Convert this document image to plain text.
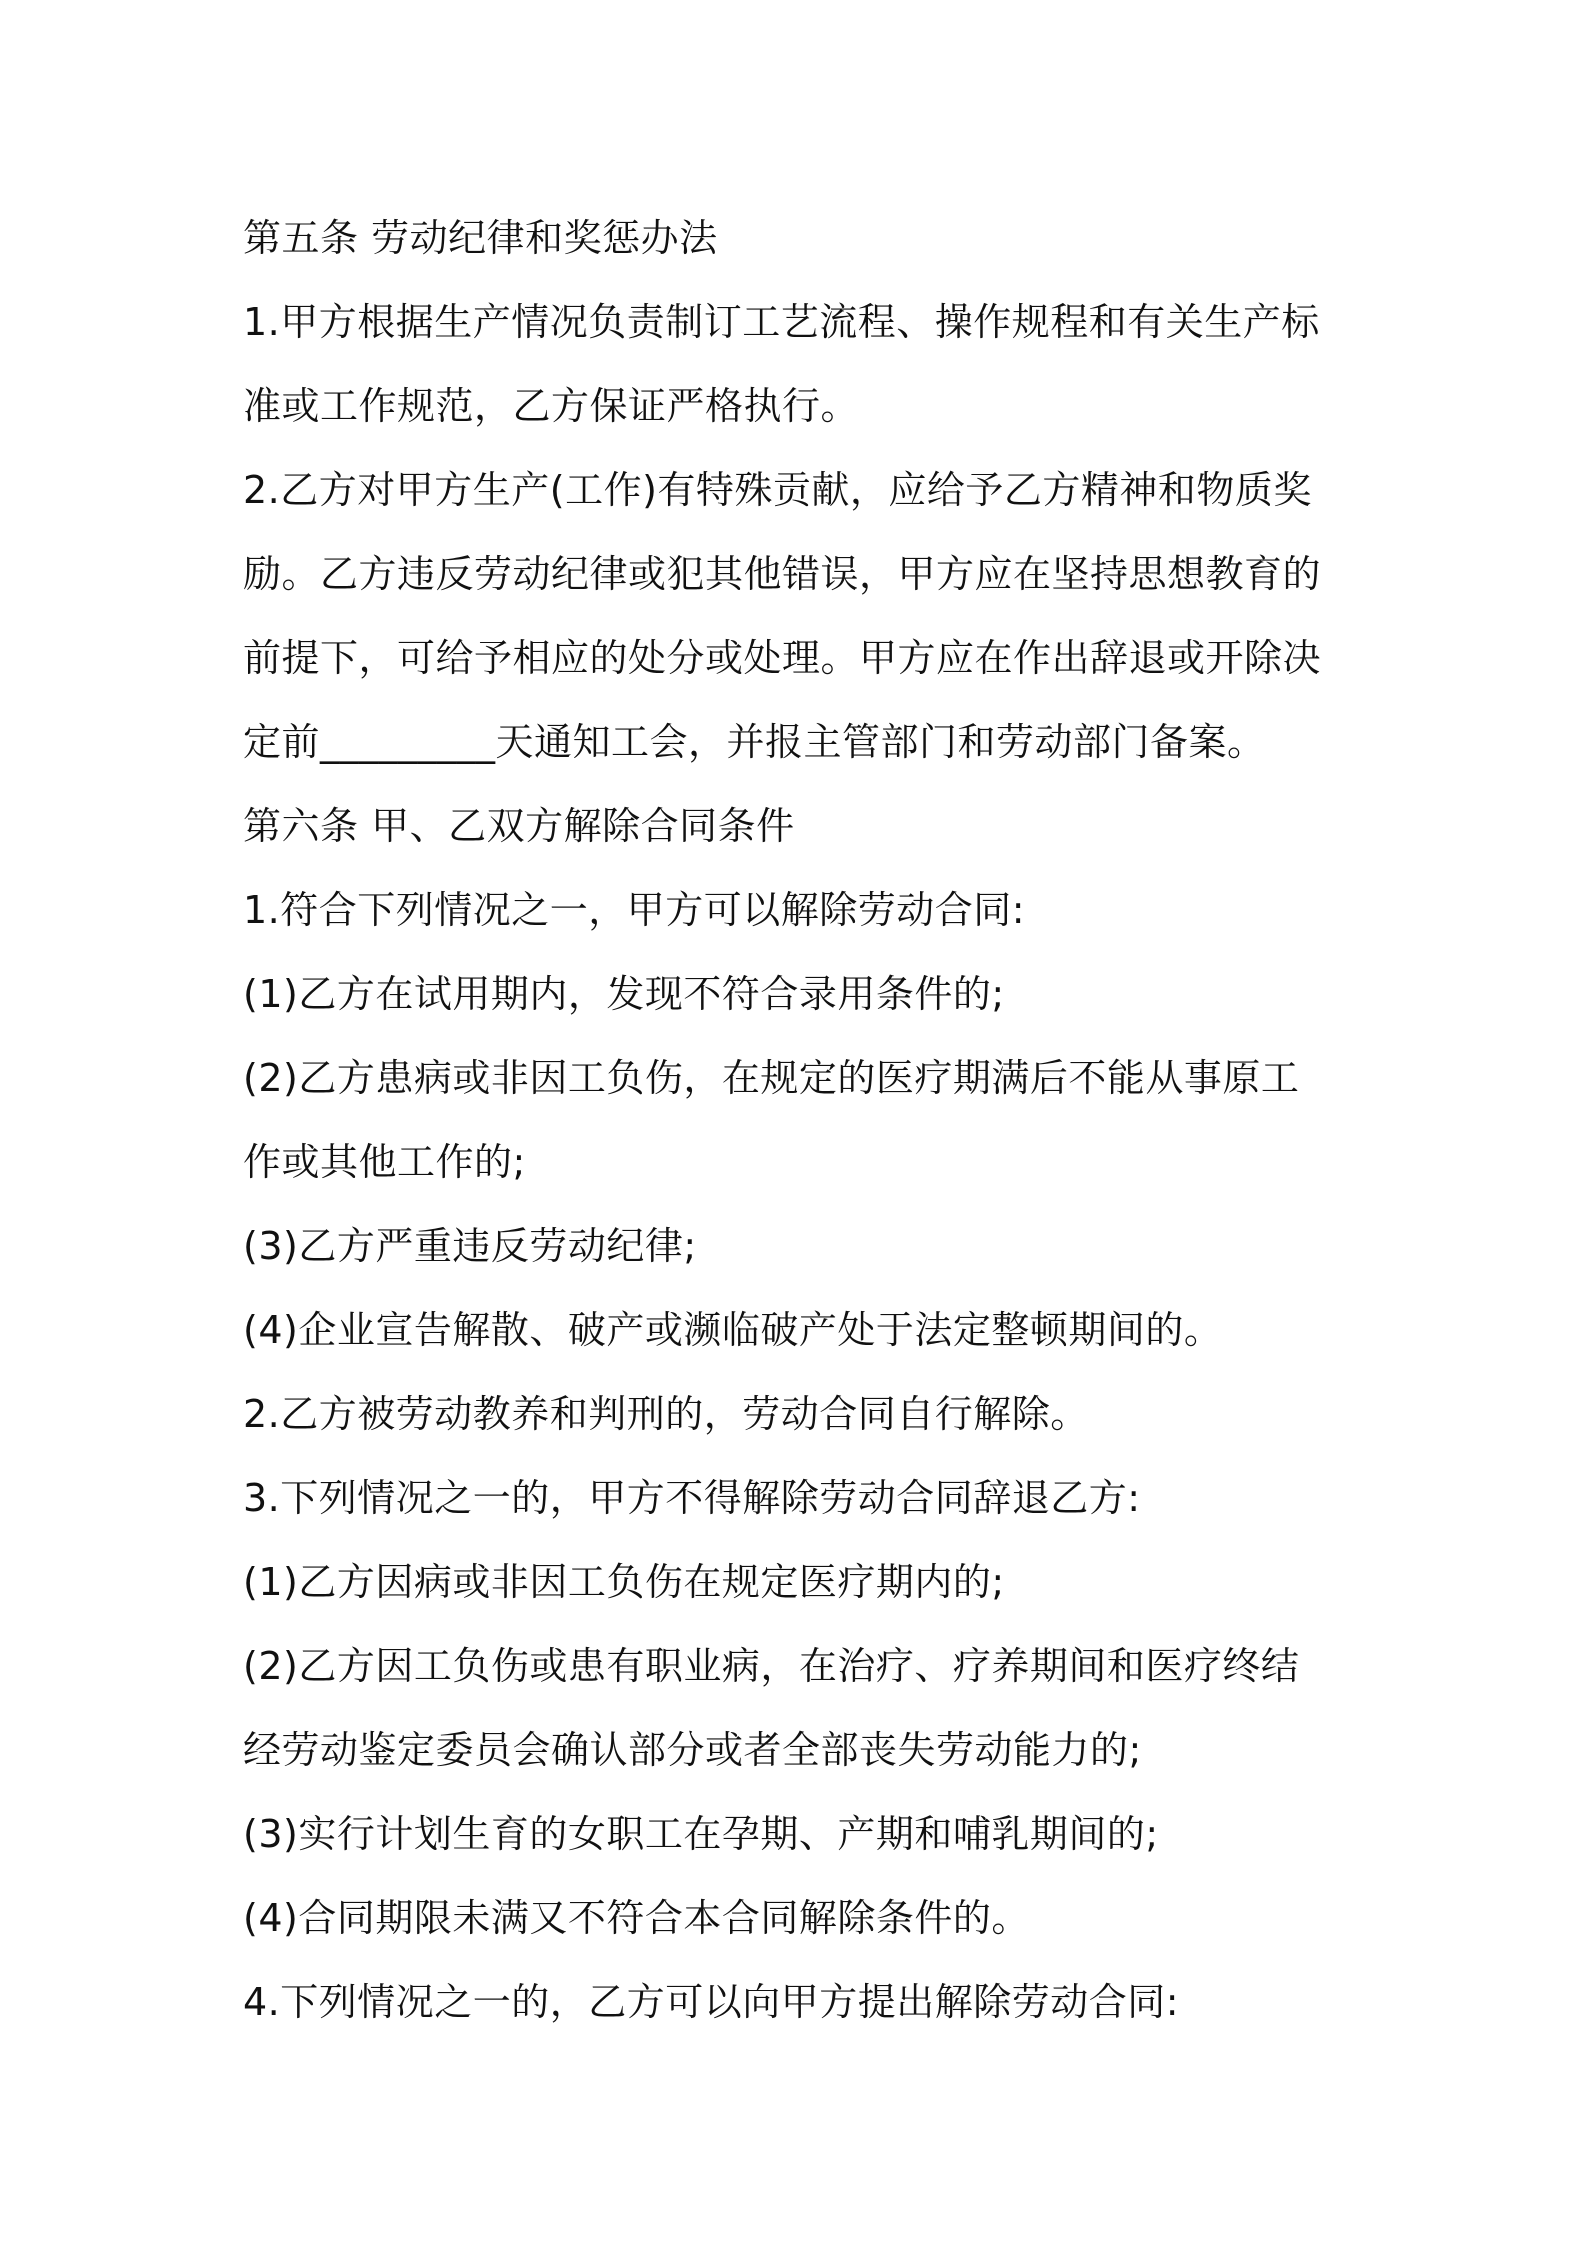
第五条 劳动纪律和奖惩办法
1.甲方根据生产情况负责制订工艺流程、操作规程和有关生产标
准或工作规范，乙方保证严格执行。
2.乙方对甲方生产(工作)有特殊贡献，应给予乙方精神和物质奖
励。乙方违反劳动纪律或犯其他错误，甲方应在坚持思想教育的
前提下，可给予相应的处分或处理。甲方应在作出辞退或开除决
定前_________天通知工会，并报主管部门和劳动部门备案。
第六条 甲、乙双方解除合同条件
1.符合下列情况之一，甲方可以解除劳动合同:
(1)乙方在试用期内，发现不符合录用条件的;
(2)乙方患病或非因工负伤，在规定的医疗期满后不能从事原工
作或其他工作的;
(3)乙方严重违反劳动纪律;
(4)企业宣告解散、破产或濒临破产处于法定整顿期间的。
2.乙方被劳动教养和判刑的，劳动合同自行解除。
3.下列情况之一的，甲方不得解除劳动合同辞退乙方:
(1)乙方因病或非因工负伤在规定医疗期内的;
(2)乙方因工负伤或患有职业病，在治疗、疗养期间和医疗终结
经劳动鉴定委员会确认部分或者全部丧失劳动能力的;
(3)实行计划生育的女职工在孕期、产期和哺乳期间的;
(4)合同期限未满又不符合本合同解除条件的。
4.下列情况之一的，乙方可以向甲方提出解除劳动合同:
